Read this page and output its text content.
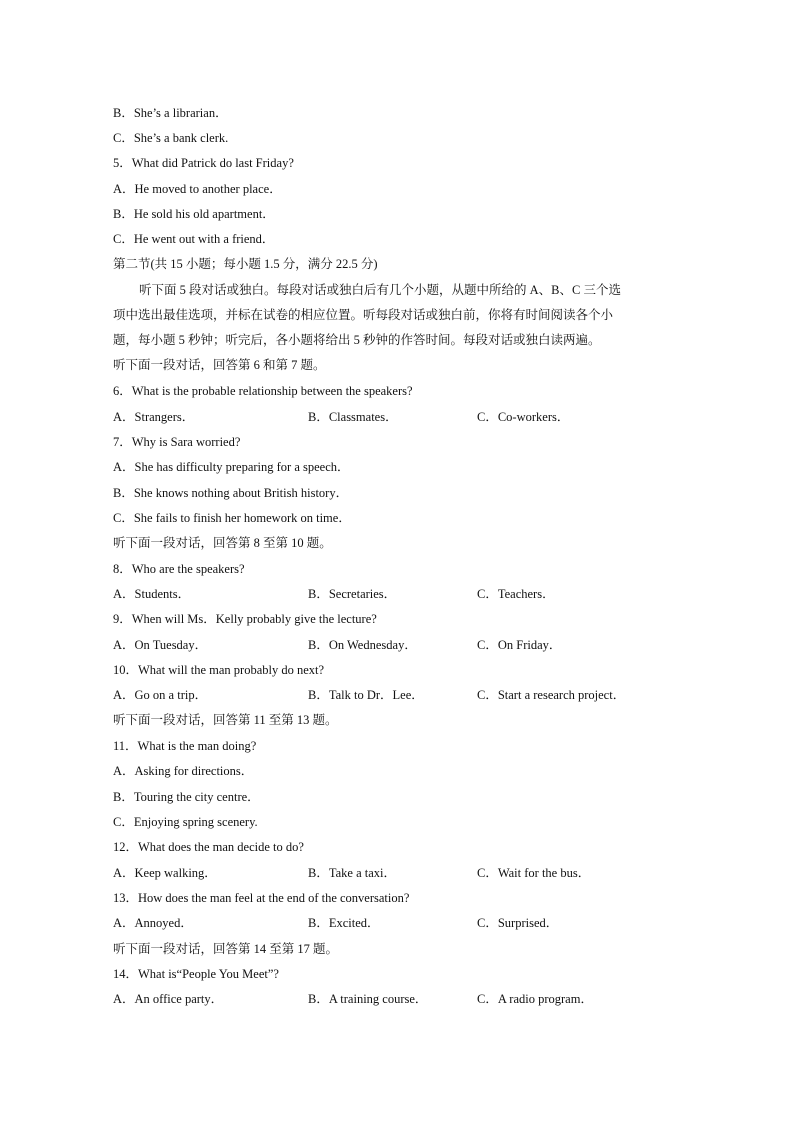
B．She’s a librarian．
C．She’s a bank clerk.
5．What did Patrick do last Friday?
A．He moved to another place．
B．He sold his old apartment．
C．He went out with a friend．
第二节(共 15 小题；每小题 1.5 分，满分 22.5 分)
听下面 5 段对话或独白。每段对话或独白后有几个小题，从题中所给的 A、B、C 三个选
项中选出最佳选项，并标在试卷的相应位置。听每段对话或独白前，你将有时间阅读各个小
题，每小题 5 秒钟；听完后，各小题将给出 5 秒钟的作答时间。每段对话或独白读两遍。
听下面一段对话，回答第 6 和第 7 题。
6．What is the probable relationship between the speakers?
A．Strangers．	B．Classmates．	C．Co-workers．
7．Why is Sara worried?
A．She has difficulty preparing for a speech．
B．She knows nothing about British history．
C．She fails to finish her homework on time．
听下面一段对话，回答第 8 至第 10 题。
8．Who are the speakers?
A．Students．	B．Secretaries．	C．Teachers．
9．When will Ms．Kelly probably give the lecture?
A．On Tuesday．	B．On Wednesday．	C．On Friday．
10．What will the man probably do next?
A．Go on a trip．	B．Talk to Dr．Lee．	C．Start a research project．
听下面一段对话，回答第 11 至第 13 题。
11．What is the man doing?
A．Asking for directions．
B．Touring the city centre．
C．Enjoying spring scenery.
12．What does the man decide to do?
A．Keep walking．	B．Take a taxi．	C．Wait for the bus．
13．How does the man feel at the end of the conversation?
A．Annoyed．	B．Excited．	C．Surprised．
听下面一段对话，回答第 14 至第 17 题。
14．What is“People You Meet”?
A．An office party．	B．A training course．	C．A radio program．
